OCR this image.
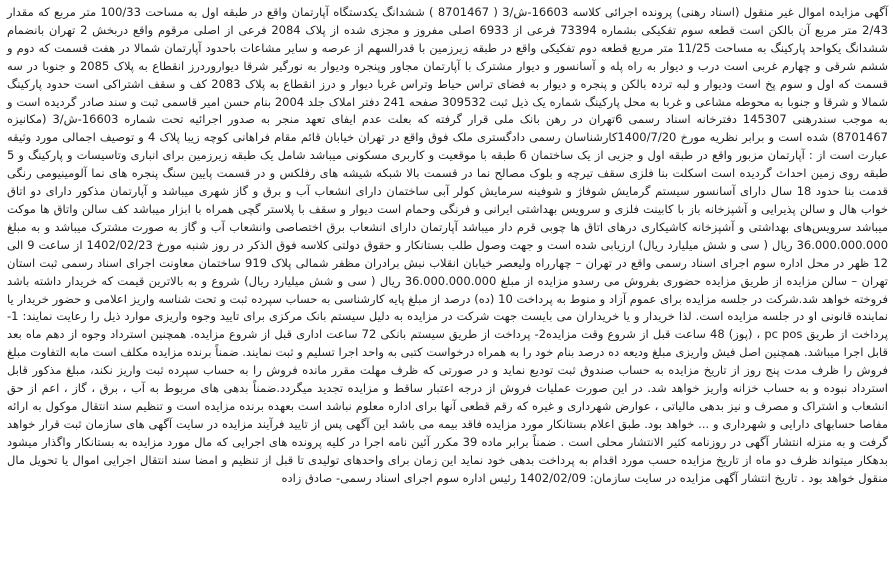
آگهی مزایده اموال غیر منقول (اسناد رهنی) پرونده اجرائی کلاسه 16603-ش/3 ( 8701467 ) ششدانگ یکدستگاه آپارتمان واقع در طبقه اول به مساحت 100/33 متر مربع که مقدار 2/43 متر مربع آن بالکن است قطعه سوم تفکیکی بشماره 73394 فرعی از 6933 اصلی مفروز و مجزی شده از پلاک 2084 فرعی از اصلی مرقوم واقع دربخش 2 تهران بانضمام ششدانگ یکواحد پارکینگ به مساحت 11/25 متر مربع قطعه دوم تفکیکی واقع در طبقه زیرزمین با قدرالسهم از عرصه و سایر مشاعات باحدود آپارتمان شمالا در هفت قسمت که دوم و ششم شرقی و چهارم غربی است درب و دیوار به راه پله و آسانسور و دیوار مشترک با آپارتمان مجاور وپنجره ودیوار به نورگیر شرقا دیواروردرز انقطاع به پلاک 2085 و جنوبا در سه قسمت که اول و سوم پخ است ودیوار و لبه تردہ بالکن و پنجره و دیوار به فضای تراس حیاط وتراس غربا دیوار و درز انقطاع به پلاک 2083 کف و سقف اشتراکی است حدود پارکینگ شمالا و شرقا و جنوبا به محوطه مشاعی و غربا به محل پارکینگ شماره یک ذیل ثبت 309532 صفحه 241 دفتر املاک جلد 2004 بنام حسن امیر قاسمی ثبت و سند صادر گردیده است و به موجب سندرهنی 145307 دفترخانه اسناد رسمی 6تهران در رهن بانک ملی قرار گرفته که بعلت عدم ایفای تعهد منجر به صدور اجرائیه تحت شماره 16603-ش/3 (مکانیزه 8701467) شده است و برابر نظریه مورخ 1400/7/20کارشناسان رسمی دادگستری ملک فوق واقع در تهران خیابان قائم مقام فراهانی کوچه زیبا پلاک 4 و توصیف اجمالی مورد وثیقه عبارت است از : آپارتمان مزبور واقع در طبقه اول و جزیی از یک ساختمان 6 طبقه با موقعیت و کاربری مسکونی میباشد شامل یک طبقه زیرزمین برای انباری وتاسیسات و پارکینگ و 5 طبقه روی زمین احداث گردیده است اسکلت بنا فلزی سقف تیرچه و بلوک مصالح نما در قسمت بالا شبکه شیشه های رفلکس و در قسمت پایین سنگ پنجره های نما آلومینیومی رنگی قدمت بنا حدود 18 سال دارای آسانسور سیستم گرمایش شوفاژ و شوفینه سرمایش کولر آبی ساختمان دارای انشعاب آب و برق و گاز شهری میباشد و آپارتمان مذکور دارای دو اتاق خواب هال و سالن پذیرایی و آشپزخانه باز با کابینت فلزی و سرویس بهداشتی ایرانی و فرنگی وحمام است دیوار و سقف با پلاستر گچی همراه با ابزار میباشد کف سالن واتاق ها موکت میباشد سرویس‌های بهداشتی و آشپزخانه کاشیکاری درهای اتاق ها چوبی قرم دار میباشد آپارتمان دارای انشعاب برق اختصاصی وانشعاب آب و گاز به صورت مشترک میباشد و به مبلغ 36.000.000.000 ریال ( سی و شش میلیارد ریال) ارزیابی شده است و جهت وصول طلب بستانکار و حقوق دولتی کلاسه فوق الذکر در روز شنبه مورخ 1402/02/23 از ساعت 9 الی 12 ظهر در محل اداره سوم اجرای اسناد رسمی واقع در تهران – چهارراه ولیعصر خیابان انقلاب نبش برادران مظفر شمالی پلاک 919 ساختمان معاونت اجرای اسناد رسمی ثبت استان تهران – سالن مزایده از طریق مزایده حضوری بفروش می رسدو مزایده از مبلغ 36.000.000.000 ریال ( سی و شش میلیارد ریال) شروع و به بالاترین قیمت که خریدار داشته باشد فروخته خواهد شد.شرکت در جلسه مزایده برای عموم آزاد و منوط به پرداخت 10 (ده) درصد از مبلغ پایه کارشناسی به حساب سپرده ثبت و تحت شناسه واریز اعلامی و حضور خریدار یا نماینده قانونی او در جلسه مزایده است. لذا خریدار و یا خریداران می بایست جهت شرکت در مزایده به دلیل سیستم بانک مرکزی برای تایید وجوه واریزی موارد ذیل را رعایت نمایند: 1- پرداخت از طریق pc pos ، (پوز) 48 ساعت قبل از شروع وقت مزایده2- پرداخت از طریق سیستم بانکی 72 ساعت اداری قبل از شروع مزایده. همچنین استرداد وجوه از دهم ماه بعد قابل اجرا میباشد. همچنین اصل فیش واریزی مبلغ ودیعه ده درصد بنام خود را به همراه درخواست کتبی به واحد اجرا تسلیم و ثبت نمایند. ضمناً برنده مزایده مکلف است مابه التفاوت مبلغ فروش را ظرف مدت پنج روز از تاریخ مزایده به حساب صندوق ثبت تودیع نماید و در صورتی که ظرف مهلت مقرر مانده فروش را به حساب سپرده ثبت واریز نکند، مبلغ مذکور قابل استرداد نبوده و به حساب خزانه واریز خواهد شد. در این صورت عملیات فروش از درجه اعتبار ساقط و مزایده تجدید میگردد.ضمناً بدهی های مربوط به آب ، برق ، گاز ، اعم از حق انشعاب و اشتراک و مصرف و نیز بدهی مالیاتی ، عوارض شهرداری و غیره که رقم قطعی آنها برای اداره معلوم نباشد است بعهده برنده مزایده است و تنظیم سند انتقال موکول به ارائه مفاصا حسابهای دارایی و شهرداری و ... خواهد بود. طبق اعلام بستانکار مورد مزایده فاقد بیمه می باشد این آگهی پس از تایید فرآیند مزایده در سایت آگهی های سازمان ثبت قرار خواهد گرفت و به منزله انتشار آگهی در روزنامه کثیر الانتشار محلی است . ضمناً برابر ماده 39 مکرر آئین نامه اجرا در کلیه پرونده های اجرایی که مال مورد مزایده به بستانکار واگذار میشود بدهکار میتواند ظرف دو ماه از تاریخ مزایده حسب مورد اقدام به پرداخت بدهی خود نماید این زمان برای واحدهای تولیدی تا قبل از تنظیم و امضا سند انتقال اجرایی اموال یا تحویل مال منقول خواهد بود . تاریخ انتشار آگهی مزایده در سایت سازمان: 1402/02/09 رئیس اداره سوم اجرای اسناد رسمی- صادق زاده
